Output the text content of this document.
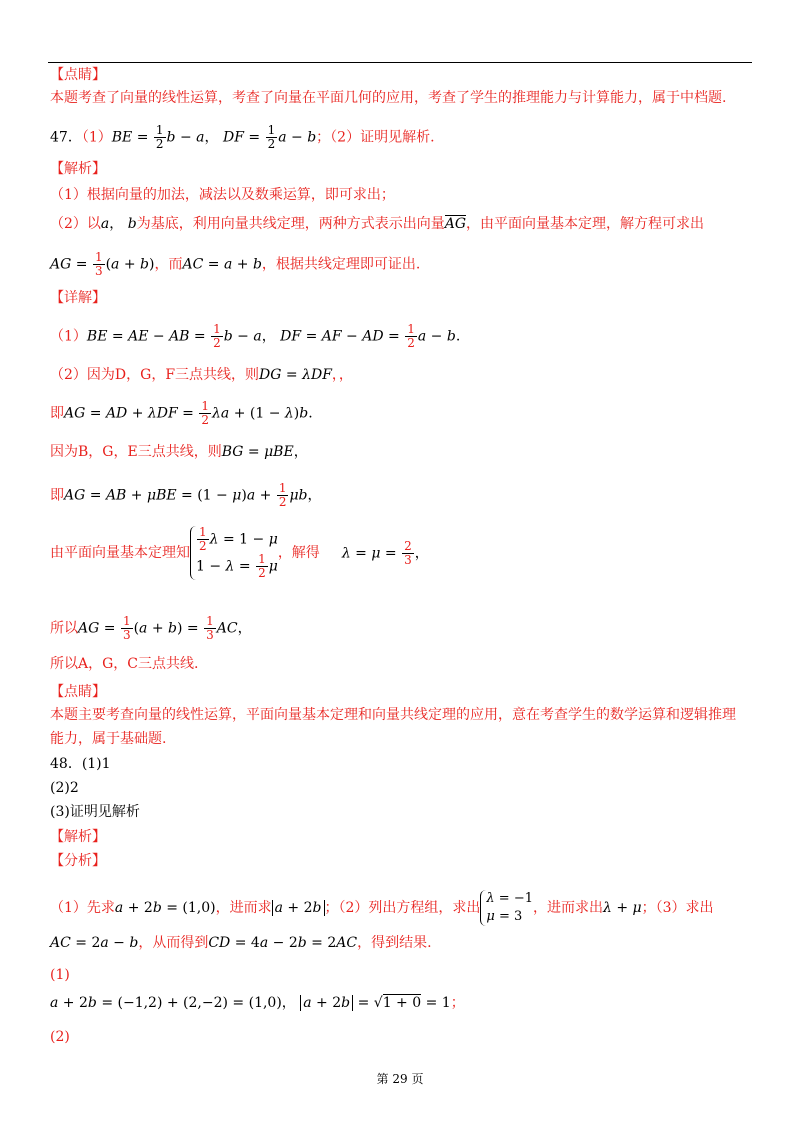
【点睛】
本题考查了向量的线性运算，考查了向量在平面几何的应用，考查了学生的推理能力与计算能力，属于中档题.
47．$(1)BE = \frac{1}{2}$ b − a， DF = $\frac{1}{2}$ a − b；（2）证明见解析.
【解析】
（1）根据向量的加法，减法以及数乘运算，即可求出；
（2）以a， b为基底，利用向量共线定理，两种方式表示出向量AG，由平面向量基本定理，解方程可求出
AG = $\frac{1}{3} (a + b)$，而AC = a + b，根据共线定理即可证出.
【详解】
（1）BE = AE − AB = $\frac{1}{2}$ b − a， DF = AF − AD = $\frac{1}{2}$ a − b.
（2）因为D，G，F三点共线，则DG = λDF，，
即AG = AD + $\lambda DF = \frac{1}{2}$ λa + (1 − λ)b.
因为B，G，E三点共线，则BG = μBE，
即AG = AB + $\mu BE = (1 - \mu)a + \frac{1}{2}$ μb，
由平面向量基本定理知 $\frac{1}{2}$ λ = 1 − μ
$1 - \lambda = \frac{1}{2}$ μ
，解得 $\lambda = \mu = \frac{2}{3}$ ，
所以AG = $\frac{1}{3} (a + b) = \frac{1}{3}$ AC，
所以A，G，C三点共线.
【点睛】
本题主要考查向量的线性运算，平面向量基本定理和向量共线定理的应用，意在考查学生的数学运算和逻辑推理
能力，属于基础题.
48．(1)1
(2)2
(3)证明见解析
【解析】
【分析】
（1）先求a + 2b = (1,0)，进而求 a + 2b ；（2）列出方程组，求出
λ = −1
μ = 3
，进而求出λ + μ；（3）求出
AC = 2a − b，从而得到CD = 4a − 2b = 2AC，得到结果.
(1)
a + 2b = (−1,2) + (2,−2) = (1,0)， a + 2b = √1 + 0 = 1；
(2)
第 29 页
